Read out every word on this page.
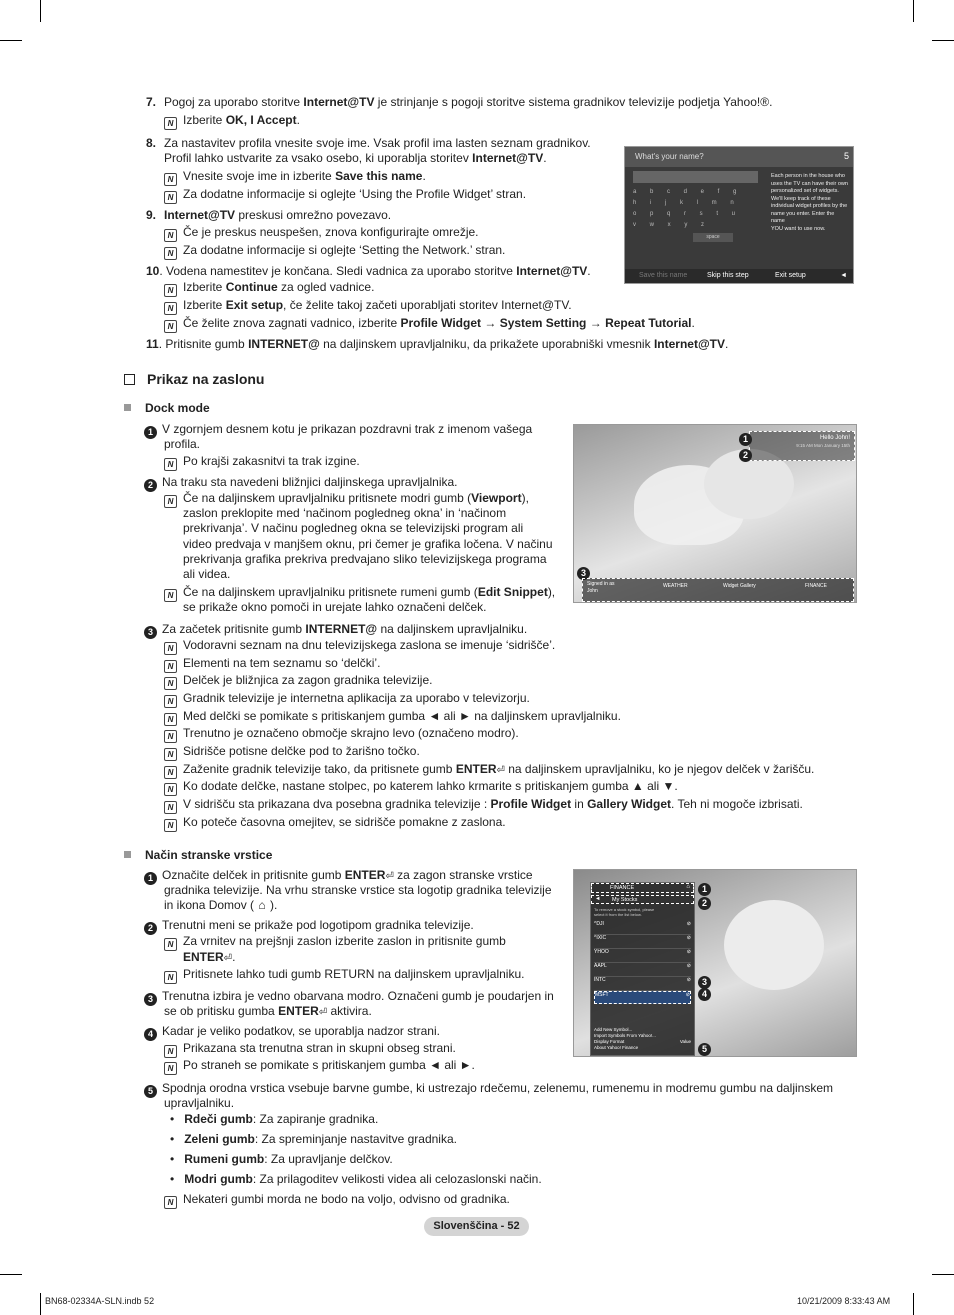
7. Pogoj za uporabo storitve Internet@TV je strinjanje s pogoji storitve sistema gradnikov televizije podjetja Yahoo!®.
N Izberite OK, I Accept.
8. Za nastavitev profila vnesite svoje ime. Vsak profil ima lasten seznam gradnikov.
Profil lahko ustvarite za vsako osebo, ki uporablja storitev Internet@TV.
N Vnesite svoje ime in izberite Save this name.
N Za dodatne informacije si oglejte ‘Using the Profile Widget’ stran.
9. Internet@TV preskusi omrežno povezavo.
N Če je preskus neuspešen, znova konfigurirajte omrežje.
N Za dodatne informacije si oglejte ‘Setting the Network.’ stran.
10. Vodena namestitev je končana. Sledi vadnica za uporabo storitve Internet@TV.
N Izberite Continue za ogled vadnice.
N Izberite Exit setup, če želite takoj začeti uporabljati storitev Internet@TV.
N Če želite znova zagnati vadnico, izberite Profile Widget → System Setting → Repeat Tutorial.
11. Pritisnite gumb INTERNET@ na daljinskem upravljalniku, da prikažete uporabniški vmesnik Internet@TV.
What's your name?	5
a b c d e f g h i j k l m n o p q r s t u v w x y z
space
Each person in the house who
uses the TV can have their own
personalized set of widgets.
We'll keep track of these
individual widget profiles by the
name you enter. Enter the name
YOU want to use now.
Save this name	Skip this step	Exit setup	◄
Prikaz na zaslonu
Dock mode
1 V zgornjem desnem kotu je prikazan pozdravni trak z imenom vašega
profila.
N Po krajši zakasnitvi ta trak izgine.
2 Na traku sta navedeni bližnjici daljinskega upravljalnika.
N Če na daljinskem upravljalniku pritisnete modri gumb (Viewport),
zaslon preklopite med ‘načinom pogledneg okna’ in ‘načinom
prekrivanja’. V načinu pogledneg okna se televizijski program ali
video predvaja v manjšem oknu, pri čemer je grafika ločena. V načinu
prekrivanja grafika prekriva predvajano sliko televizijskega programa
ali videa.
N Če na daljinskem upravljalniku pritisnete rumeni gumb (Edit Snippet),
se prikaže okno pomoči in urejate lahko označeni delček.
3 Za začetek pritisnite gumb INTERNET@ na daljinskem upravljalniku.
N Vodoravni seznam na dnu televizijskega zaslona se imenuje ‘sidrišče’.
N Elementi na tem seznamu so ‘delčki’.
N Delček je bližnjica za zagon gradnika televizije.
N Gradnik televizije je internetna aplikacija za uporabo v televizorju.
N Med delčki se pomikate s pritiskanjem gumba ◄ ali ► na daljinskem upravljalniku.
N Trenutno je označeno območje skrajno levo (označeno modro).
N Sidrišče potisne delčke pod to žarišno točko.
N Zaženite gradnik televizije tako, da pritisnete gumb ENTER⏎ na daljinskem upravljalniku, ko je njegov delček v žarišču.
N Ko dodate delčke, nastane stolpec, po katerem lahko krmarite s pritiskanjem gumba ▲ ali ▼.
N V sidrišču sta prikazana dva posebna gradnika televizije : Profile Widget in Gallery Widget. Teh ni mogoče izbrisati.
N Ko poteče časovna omejitev, se sidrišče pomakne z zaslona.
Hello John!
9:15 AM Mon January 15th
1
2
3
Signed in as
John
WEATHER	Widget Gallery	FINANCE
Način stranske vrstice
1 Označite delček in pritisnite gumb ENTER⏎ za zagon stranske vrstice
gradnika televizije. Na vrhu stranske vrstice sta logotip gradnika televizije
in ikona Domov ( ⌂ ).
2 Trenutni meni se prikaže pod logotipom gradnika televizije.
N Za vrnitev na prejšnji zaslon izberite zaslon in pritisnite gumb
ENTER⏎.
N Pritisnete lahko tudi gumb RETURN na daljinskem upravljalniku.
3 Trenutna izbira je vedno obarvana modro. Označeni gumb je poudarjen in
se ob pritisku gumba ENTER⏎ aktivira.
4 Kadar je veliko podatkov, se uporablja nadzor strani.
N Prikazana sta trenutna stran in skupni obseg strani.
N Po straneh se pomikate s pritiskanjem gumba ◄ ali ►.
5 Spodnja orodna vrstica vsebuje barvne gumbe, ki ustrezajo rdečemu, zelenemu, rumenemu in modremu gumbu na daljinskem
upravljalniku.
•   Rdeči gumb: Za zapiranje gradnika.
•   Zeleni gumb: Za spreminjanje nastavitve gradnika.
•   Rumeni gumb: Za upravljanje delčkov.
•   Modri gumb: Za prilagoditev velikosti videa ali celozaslonski način.
N Nekateri gumbi morda ne bodo na voljo, odvisno od gradnika.
FINANCE	⌂
◄ My Stocks
To remove a stock symbol, please
select it from the list below.
^DJI	⊘
^IXIC	⊘
YHOO	⊘
AAPL	⊘
INTC	⊘
MSFT	⊘
Add New Symbol...
Import Symbols From Yahoo!...
Display Format	Value
About Yahoo! Finance
1
2
3
4
5
Slovenščina - 52
BN68-02334A-SLN.indb 52	10/21/2009 8:33:43 AM
